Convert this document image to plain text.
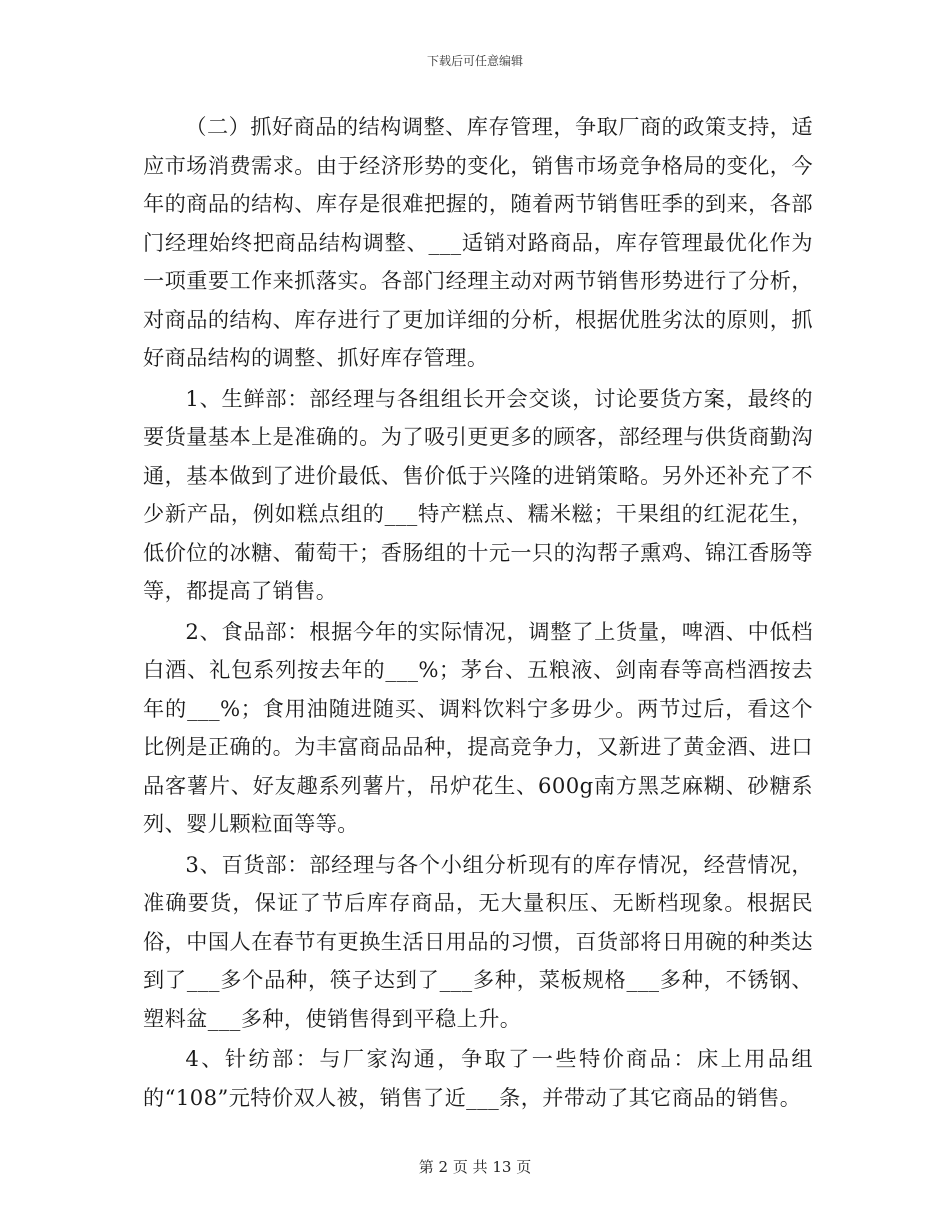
下载后可任意编辑

（二）抓好商品的结构调整、库存管理，争取厂商的政策支持，适应市场消费需求。由于经济形势的变化，销售市场竞争格局的变化，今年的商品的结构、库存是很难把握的，随着两节销售旺季的到来，各部门经理始终把商品结构调整、___适销对路商品，库存管理最优化作为一项重要工作来抓落实。各部门经理主动对两节销售形势进行了分析，对商品的结构、库存进行了更加详细的分析，根据优胜劣汰的原则，抓好商品结构的调整、抓好库存管理。

1、生鲜部：部经理与各组组长开会交谈，讨论要货方案，最终的要货量基本上是准确的。为了吸引更更多的顾客，部经理与供货商勤沟通，基本做到了进价最低、售价低于兴隆的进销策略。另外还补充了不少新产品，例如糕点组的___特产糕点、糯米糍；干果组的红泥花生，低价位的冰糖、葡萄干；香肠组的十元一只的沟帮子熏鸡、锦江香肠等等，都提高了销售。

2、食品部：根据今年的实际情况，调整了上货量，啤酒、中低档白酒、礼包系列按去年的___%；茅台、五粮液、剑南春等高档酒按去年的___%；食用油随进随买、调料饮料宁多毋少。两节过后，看这个比例是正确的。为丰富商品品种，提高竞争力，又新进了黄金酒、进口品客薯片、好友趣系列薯片，吊炉花生、600g南方黑芝麻糊、砂糖系列、婴儿颗粒面等等。

3、百货部：部经理与各个小组分析现有的库存情况，经营情况，准确要货，保证了节后库存商品，无大量积压、无断档现象。根据民俗，中国人在春节有更换生活日用品的习惯，百货部将日用碗的种类达到了___多个品种，筷子达到了___多种，菜板规格___多种，不锈钢、塑料盆___多种，使销售得到平稳上升。

4、针纺部：与厂家沟通，争取了一些特价商品：床上用品组的“108”元特价双人被，销售了近___条，并带动了其它商品的销售。

第 2 页 共 13 页
